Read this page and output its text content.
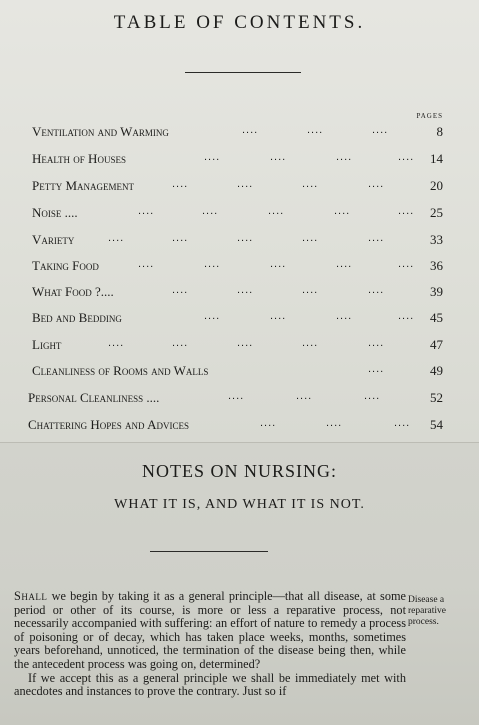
TABLE OF CONTENTS.
PAGES
Ventilation and Warming	....	....	....	8
Health of Houses	....	....	....	.... 14
Petty Management	....	....	....	....	20
Noise ....	....	....	....	....	.... 25
Variety	....	....	....	....	....	33
Taking Food	....	....	....	....	.... 36
What Food ?....	....	....	....	....	39
Bed and Bedding	....	....	....	.... 45
Light	....	....	....	....	....	47
Cleanliness of Rooms and Walls	....	49
Personal Cleanliness ....	....	....	....	52
Chattering Hopes and Advices	....	....	.... 54
NOTES ON NURSING:
WHAT IT IS, AND WHAT IT IS NOT.

Shall we begin by taking it as a general principle—that all disease, at some period or other of its course, is more or less a reparative process, not necessarily accompanied with suffering: an effort of nature to remedy a process of poisoning or of decay, which has taken place weeks, months, sometimes years beforehand, unnoticed, the termination of the disease being then, while the antecedent process was going on, determined?

If we accept this as a general principle we shall be immediately met with anecdotes and instances to prove the contrary. Just so if

Disease a reparative process.
